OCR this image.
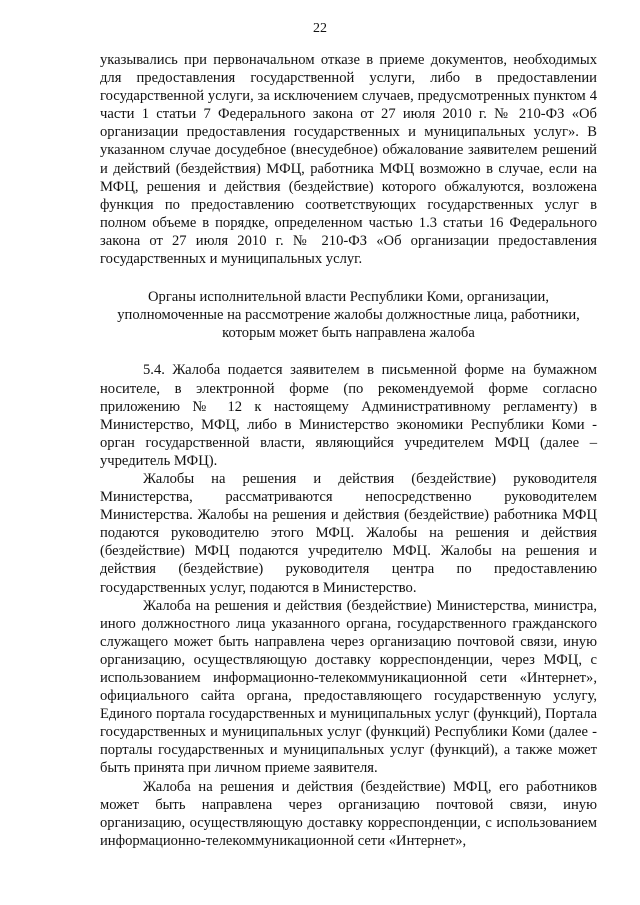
22

указывались при первоначальном отказе в приеме документов, необходимых для предоставления государственной услуги, либо в предоставлении государственной услуги, за исключением случаев, предусмотренных пунктом 4 части 1 статьи 7 Федерального закона от 27 июля 2010 г. № 210-ФЗ «Об организации предоставления государственных и муниципальных услуг». В указанном случае досудебное (внесудебное) обжалование заявителем решений и действий (бездействия) МФЦ, работника МФЦ возможно в случае, если на МФЦ, решения и действия (бездействие) которого обжалуются, возложена функция по предоставлению соответствующих государственных услуг в полном объеме в порядке, определенном частью 1.3 статьи 16 Федерального закона от 27 июля 2010 г. № 210-ФЗ «Об организации предоставления государственных и муниципальных услуг.

Органы исполнительной власти Республики Коми, организации, уполномоченные на рассмотрение жалобы должностные лица, работники, которым может быть направлена жалоба

5.4. Жалоба подается заявителем в письменной форме на бумажном носителе, в электронной форме (по рекомендуемой форме согласно приложению № 12 к настоящему Административному регламенту) в Министерство, МФЦ, либо в Министерство экономики Республики Коми - орган государственной власти, являющийся учредителем МФЦ (далее – учредитель МФЦ).

Жалобы на решения и действия (бездействие) руководителя Министерства, рассматриваются непосредственно руководителем Министерства. Жалобы на решения и действия (бездействие) работника МФЦ подаются руководителю этого МФЦ. Жалобы на решения и действия (бездействие) МФЦ подаются учредителю МФЦ. Жалобы на решения и действия (бездействие) руководителя центра по предоставлению государственных услуг, подаются в Министерство.

Жалоба на решения и действия (бездействие) Министерства, министра, иного должностного лица указанного органа, государственного гражданского служащего может быть направлена через организацию почтовой связи, иную организацию, осуществляющую доставку корреспонденции, через МФЦ, с использованием информационно-телекоммуникационной сети «Интернет», официального сайта органа, предоставляющего государственную услугу, Единого портала государственных и муниципальных услуг (функций), Портала государственных и муниципальных услуг (функций) Республики Коми (далее - порталы государственных и муниципальных услуг (функций), а также может быть принята при личном приеме заявителя.

Жалоба на решения и действия (бездействие) МФЦ, его работников может быть направлена через организацию почтовой связи, иную организацию, осуществляющую доставку корреспонденции, с использованием информационно-телекоммуникационной сети «Интернет»,
